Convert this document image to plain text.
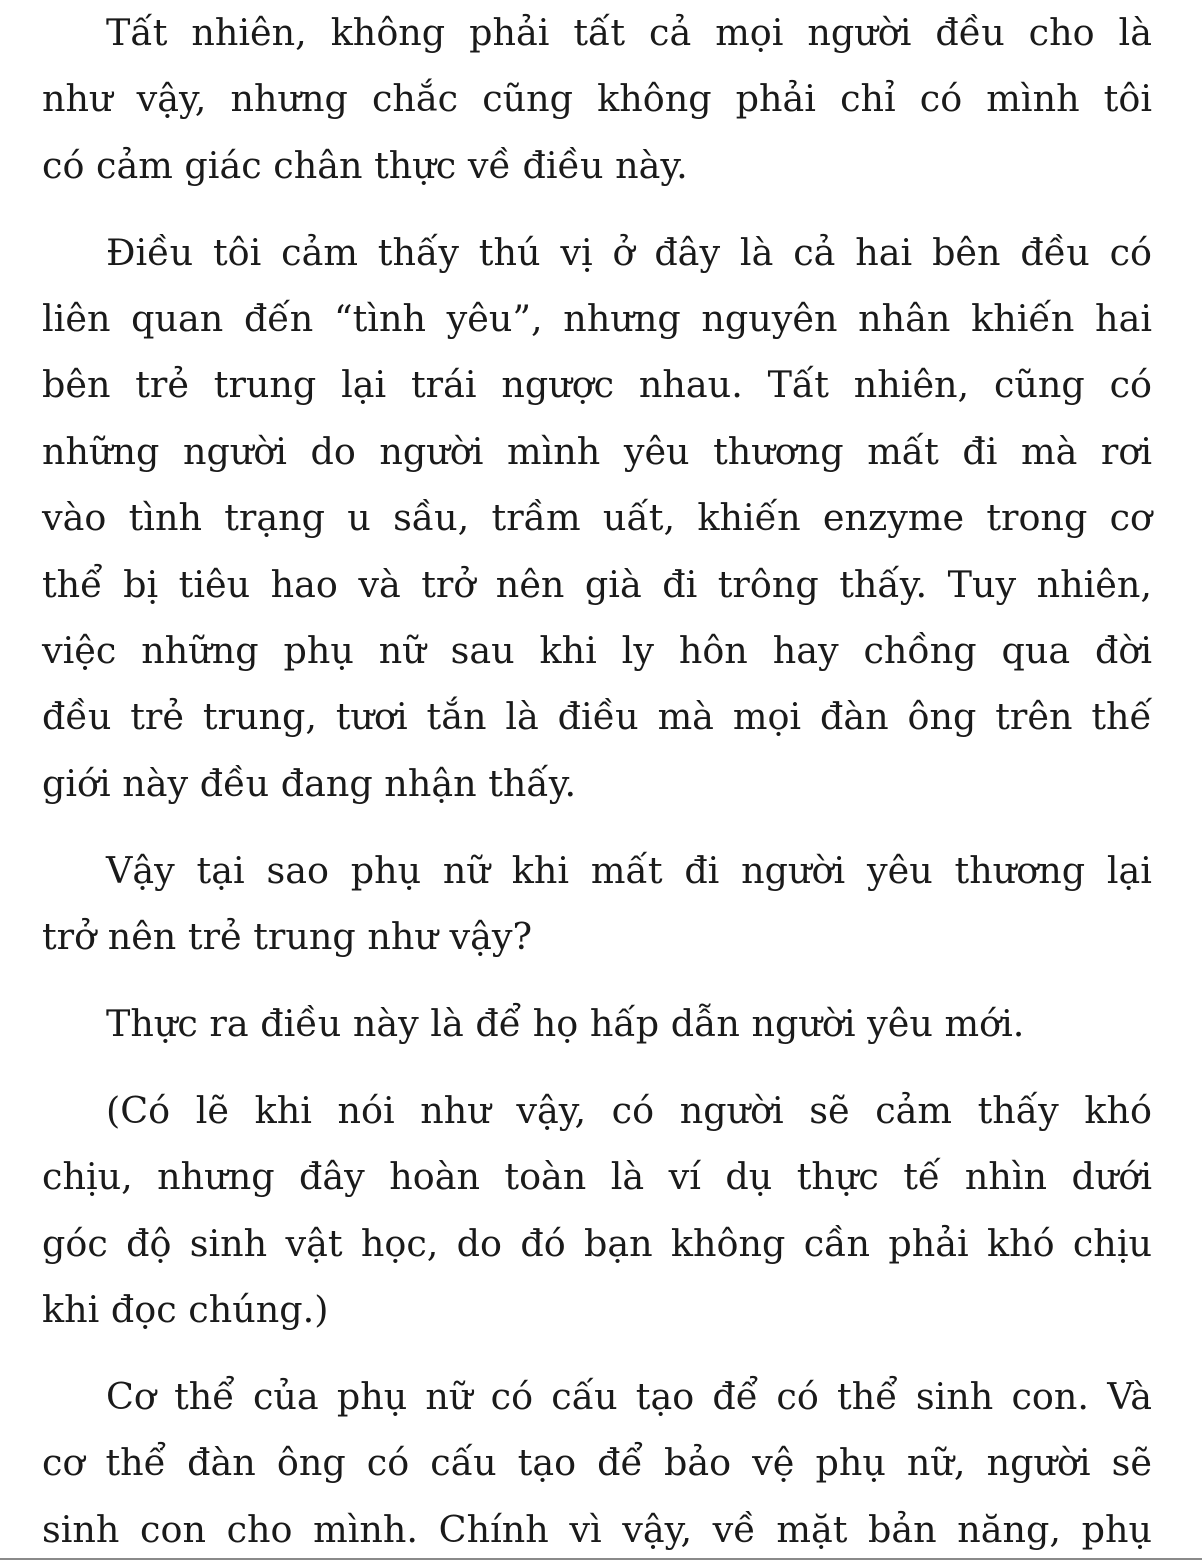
Tất nhiên, không phải tất cả mọi người đều cho là
như vậy, nhưng chắc cũng không phải chỉ có mình tôi
có cảm giác chân thực về điều này.
Điều tôi cảm thấy thú vị ở đây là cả hai bên đều có
liên quan đến “tình yêu”, nhưng nguyên nhân khiến hai
bên trẻ trung lại trái ngược nhau. Tất nhiên, cũng có
những người do người mình yêu thương mất đi mà rơi
vào tình trạng u sầu, trầm uất, khiến enzyme trong cơ
thể bị tiêu hao và trở nên già đi trông thấy. Tuy nhiên,
việc những phụ nữ sau khi ly hôn hay chồng qua đời
đều trẻ trung, tươi tắn là điều mà mọi đàn ông trên thế
giới này đều đang nhận thấy.
Vậy tại sao phụ nữ khi mất đi người yêu thương lại
trở nên trẻ trung như vậy?
Thực ra điều này là để họ hấp dẫn người yêu mới.
(Có lẽ khi nói như vậy, có người sẽ cảm thấy khó
chịu, nhưng đây hoàn toàn là ví dụ thực tế nhìn dưới
góc độ sinh vật học, do đó bạn không cần phải khó chịu
khi đọc chúng.)
Cơ thể của phụ nữ có cấu tạo để có thể sinh con. Và
cơ thể đàn ông có cấu tạo để bảo vệ phụ nữ, người sẽ
sinh con cho mình. Chính vì vậy, về mặt bản năng, phụ
